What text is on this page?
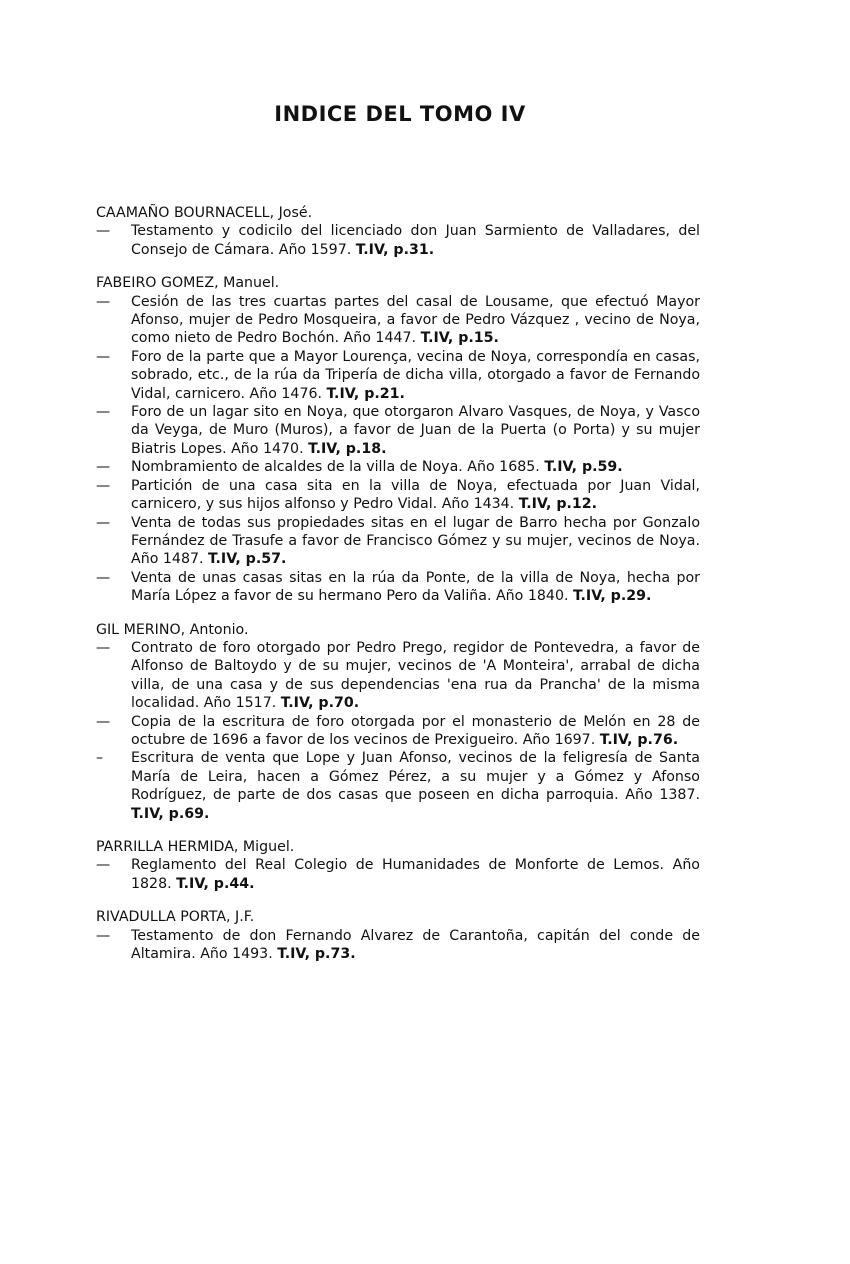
INDICE DEL TOMO IV

CAAMAÑO BOURNACELL, José.

—	Testamento y codicilo del licenciado don Juan Sarmiento de Valladares, del Consejo de Cámara. Año 1597. T.IV, p.31.

FABEIRO GOMEZ, Manuel.

—	Cesión de las tres cuartas partes del casal de Lousame, que efectuó Mayor Afonso, mujer de Pedro Mosqueira, a favor de Pedro Vázquez , vecino de Noya, como nieto de Pedro Bochón. Año 1447. T.IV, p.15.
—	Foro de la parte que a Mayor Lourença, vecina de Noya, correspondía en casas, sobrado, etc., de la rúa da Tripería de dicha villa, otorgado a favor de Fernando Vidal, carnicero. Año 1476. T.IV, p.21.
—	Foro de un lagar sito en Noya, que otorgaron Alvaro Vasques, de Noya, y Vasco da Veyga, de Muro (Muros), a favor de Juan de la Puerta (o Porta) y su mujer Biatris Lopes. Año 1470. T.IV, p.18.
—	Nombramiento de alcaldes de la villa de Noya. Año 1685. T.IV, p.59.
—	Partición de una casa sita en la villa de Noya, efectuada por Juan Vidal, carnicero, y sus hijos alfonso y Pedro Vidal. Año 1434. T.IV, p.12.
—	Venta de todas sus propiedades sitas en el lugar de Barro hecha por Gonzalo Fernández de Trasufe a favor de Francisco Gómez y su mujer, vecinos de Noya. Año 1487. T.IV, p.57.
—	Venta de unas casas sitas en la rúa da Ponte, de la villa de Noya, hecha por María López a favor de su hermano Pero da Valiña. Año 1840. T.IV, p.29.

GIL MERINO, Antonio.

—	Contrato de foro otorgado por Pedro Prego, regidor de Pontevedra, a favor de Alfonso de Baltoydo y de su mujer, vecinos de 'A Monteira', arrabal de dicha villa, de una casa y de sus dependencias 'ena rua da Prancha' de la misma localidad. Año 1517. T.IV, p.70.
—	Copia de la escritura de foro otorgada por el monasterio de Melón en 28 de octubre de 1696 a favor de los vecinos de Prexigueiro. Año 1697. T.IV, p.76.
–	Escritura de venta que Lope y Juan Afonso, vecinos de la feligresía de Santa María de Leira, hacen a Gómez Pérez, a su mujer y a Gómez y Afonso Rodríguez, de parte de dos casas que poseen en dicha parroquia. Año 1387. T.IV, p.69.

PARRILLA HERMIDA, Miguel.

—	Reglamento del Real Colegio de Humanidades de Monforte de Lemos. Año 1828. T.IV, p.44.

RIVADULLA PORTA, J.F.

—	Testamento de don Fernando Alvarez de Carantoña, capitán del conde de Altamira. Año 1493. T.IV, p.73.
